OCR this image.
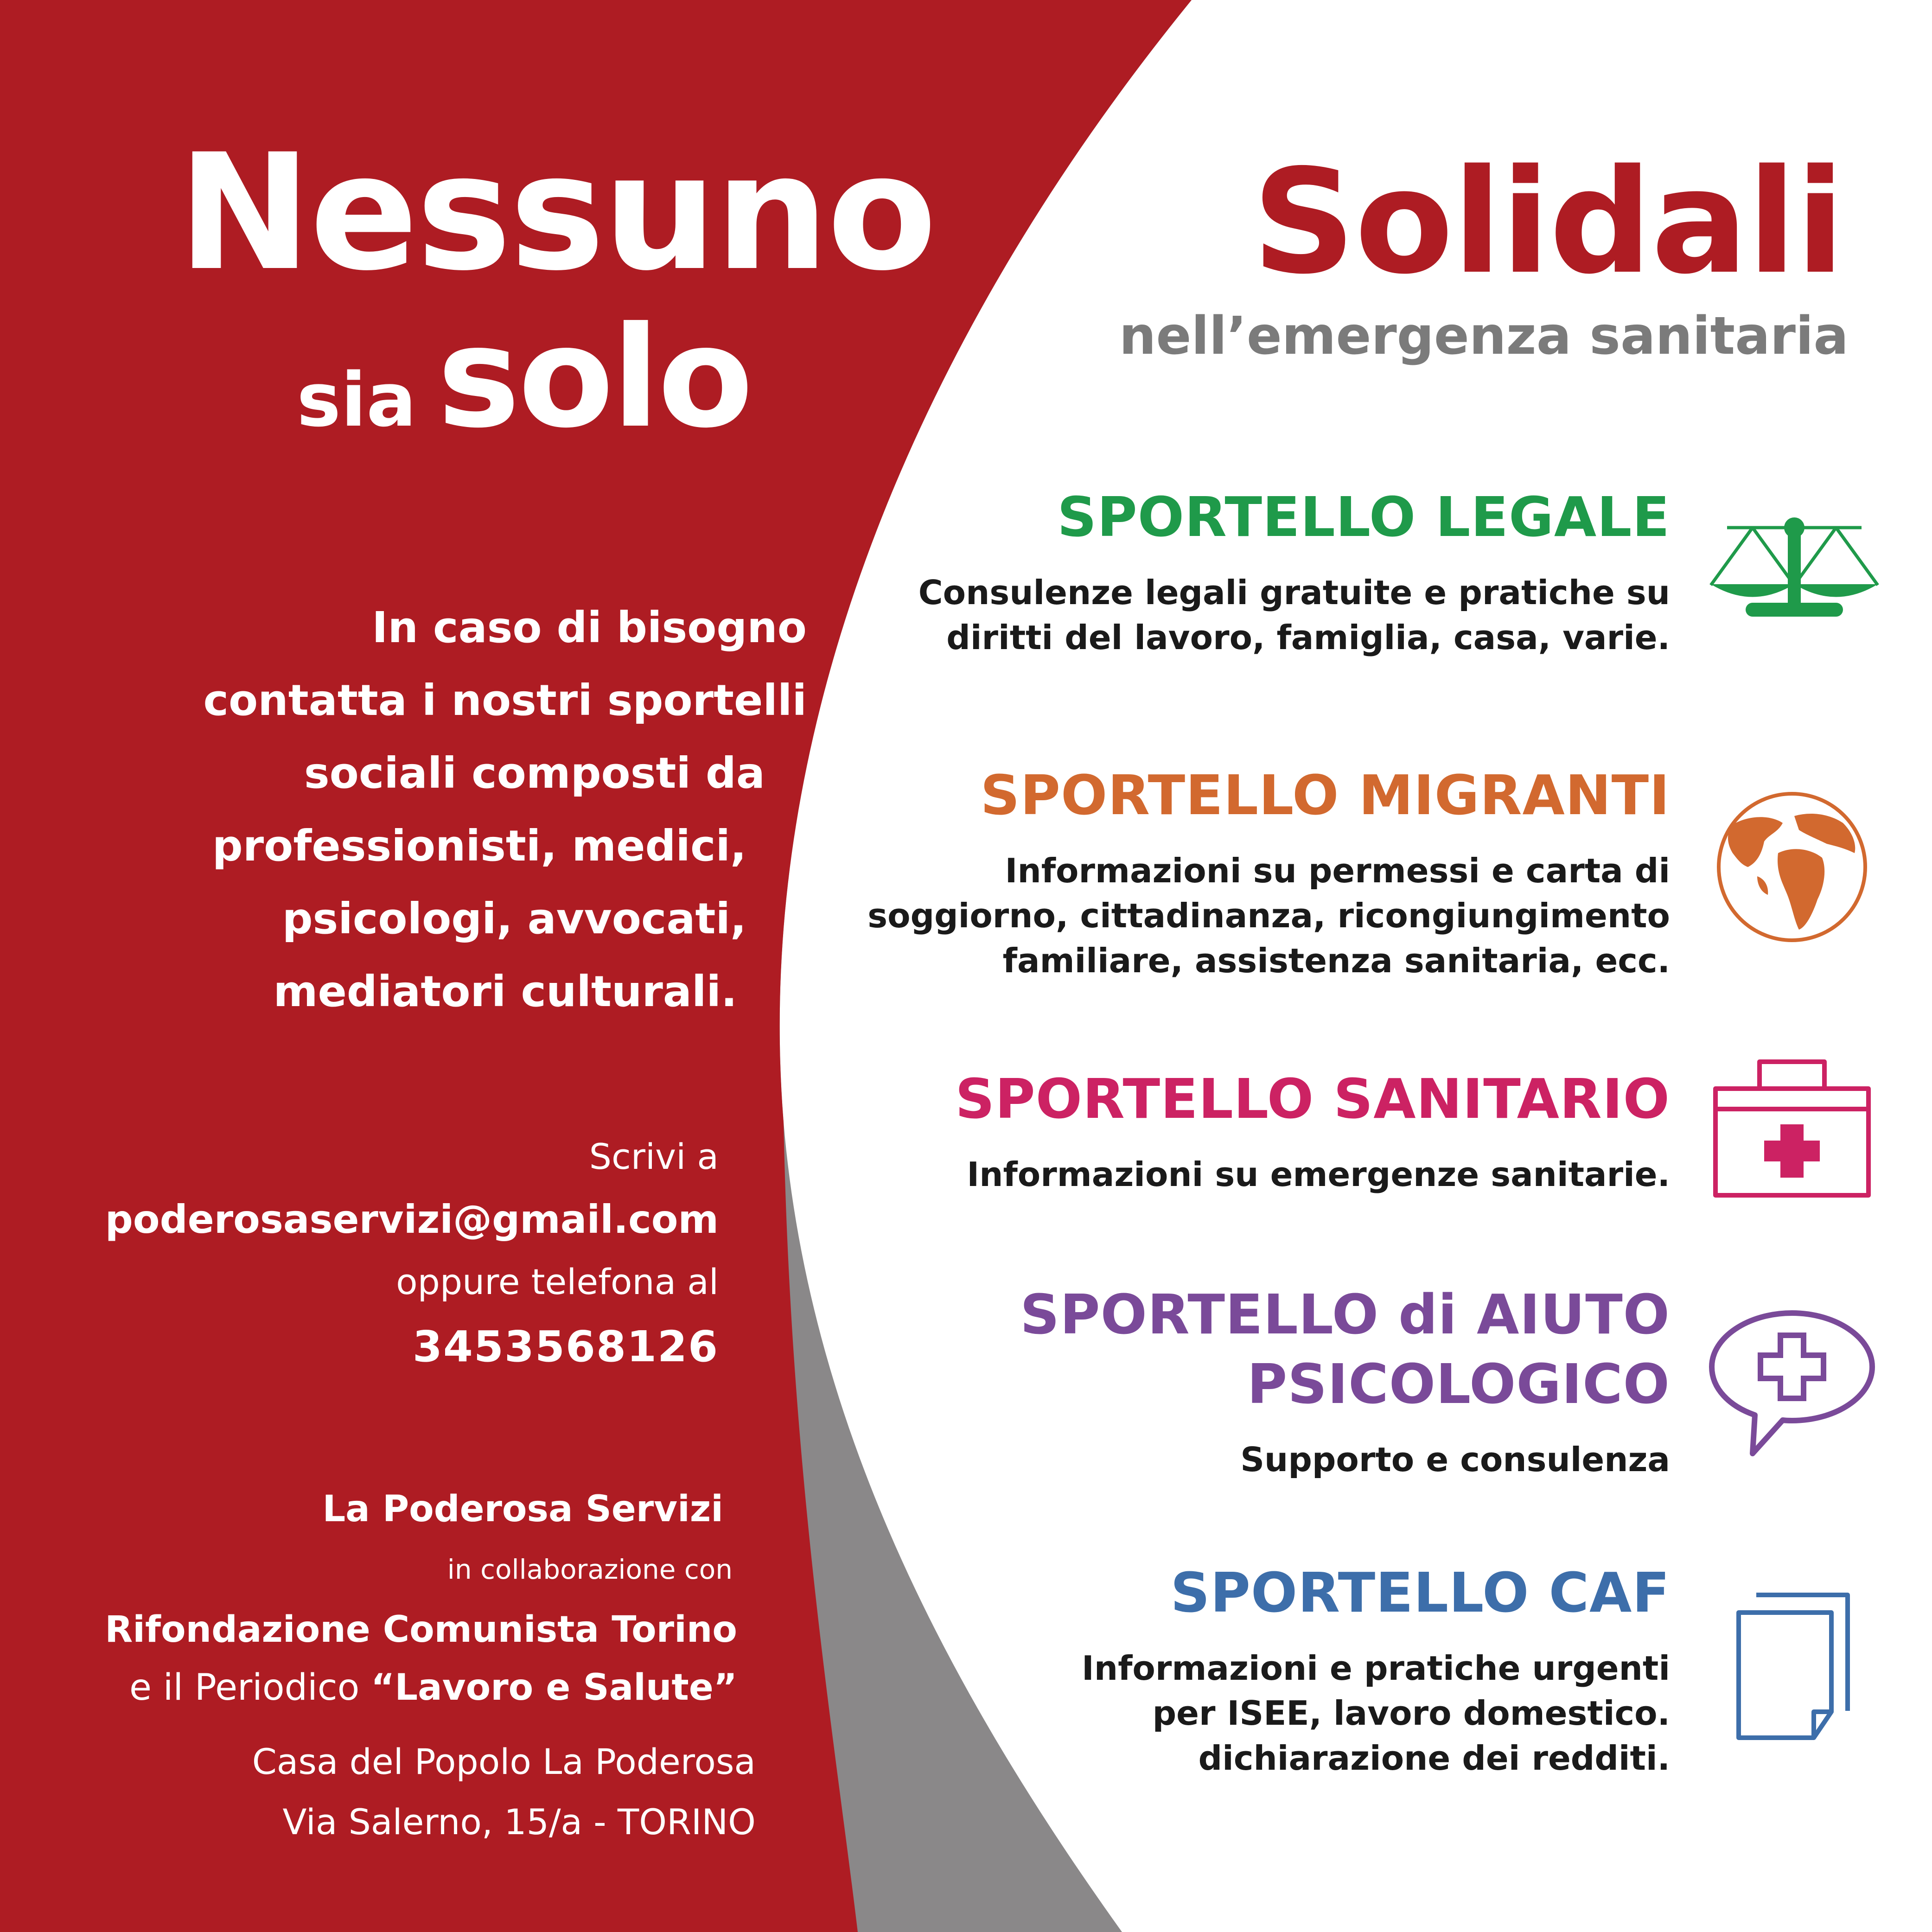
Nessuno
sia solo

In caso di bisogno

contatta i nostri sportelli

sociali composti da

professionisti, medici,

psicologi, avvocati,

mediatori culturali.

Scrivi a
poderosaservizi@gmail.com
oppure telefona al
3453568126
La Poderosa Servizi
in collaborazione con
Rifondazione Comunista Torino
e il Periodico “Lavoro e Salute”
Casa del Popolo La Poderosa
Via Salerno, 15/a - TORINO
Solidali
nell’emergenza sanitaria
SPORTELLO LEGALE

Consulenze legali gratuite e pratiche su

diritti del lavoro, famiglia, casa, varie.

SPORTELLO MIGRANTI

Informazioni su permessi e carta di

soggiorno, cittadinanza, ricongiungimento

familiare, assistenza sanitaria, ecc.

SPORTELLO SANITARIO

Informazioni su emergenze sanitarie.

SPORTELLO di AIUTO
PSICOLOGICO

Supporto e consulenza

SPORTELLO CAF

Informazioni e pratiche urgenti

per ISEE, lavoro domestico.

dichiarazione dei redditi.
